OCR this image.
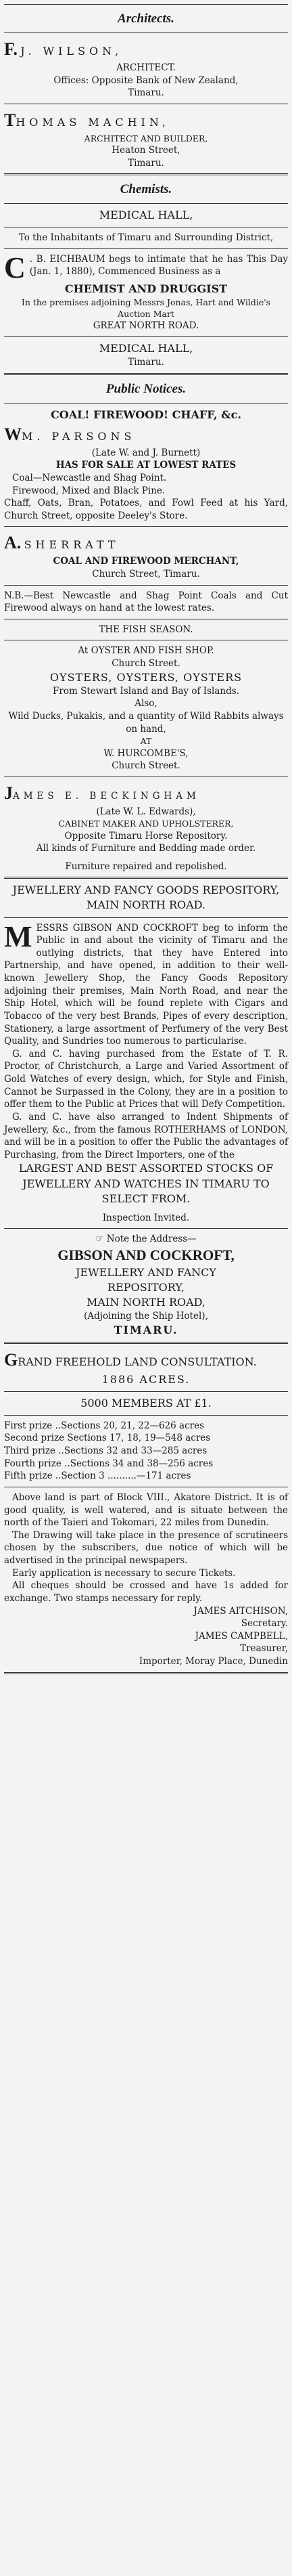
Architects.

F. J. WILSON,

ARCHITECT.

Offices: Opposite Bank of New Zealand,

Timaru.

THOMAS MACHIN,

ARCHITECT AND BUILDER,

Heaton Street,

Timaru.

Chemists.

MEDICAL HALL,

To the Inhabitants of Timaru and Surrounding District,

C . B. EICHBAUM begs to intimate that he has This Day (Jan. 1, 1880), Commenced Business as a

CHEMIST AND DRUGGIST

In the premises adjoining Messrs Jonas, Hart and Wildie's Auction Mart

GREAT NORTH ROAD.

MEDICAL HALL,

Timaru.

Public Notices.

COAL! FIREWOOD! CHAFF, &c.

WM. PARSONS

(Late W. and J. Burnett)

HAS FOR SALE AT LOWEST RATES

Coal—Newcastle and Shag Point.

Firewood, Mixed and Black Pine.

Chaff, Oats, Bran, Potatoes, and Fowl Feed at his Yard, Church Street, opposite Deeley's Store.

A. SHERRATT

COAL AND FIREWOOD MERCHANT,

Church Street, Timaru.

N.B.—Best Newcastle and Shag Point Coals and Cut Firewood always on hand at the lowest rates.

THE FISH SEASON.

At OYSTER AND FISH SHOP.

Church Street.

OYSTERS, OYSTERS, OYSTERS

From Stewart Island and Bay of Islands.

Also,

Wild Ducks, Pukakis, and a quantity of Wild Rabbits always on hand,

AT

W. HURCOMBE'S,

Church Street.

JAMES E. BECKINGHAM

(Late W. L. Edwards),

CABINET MAKER AND UPHOLSTERER,

Opposite Timaru Horse Repository.

All kinds of Furniture and Bedding made order.

Furniture repaired and repolished.

JEWELLERY AND FANCY GOODS REPOSITORY,

MAIN NORTH ROAD.

MESSRS GIBSON AND COCKROFT beg to inform the Public in and about the vicinity of Timaru and the outlying districts, that they have Entered into Partnership, and have opened, in addition to their well-known Jewellery Shop, the Fancy Goods Repository adjoining their premises, Main North Road, and near the Ship Hotel, which will be found replete with Cigars and Tobacco of the very best Brands, Pipes of every description, Stationery, a large assortment of Perfumery of the very Best Quality, and Sundries too numerous to particularise.

G. and C. having purchased from the Estate of T. R. Proctor, of Christchurch, a Large and Varied Assortment of Gold Watches of every design, which, for Style and Finish, Cannot be Surpassed in the Colony, they are in a position to offer them to the Public at Prices that will Defy Competition.

G. and C. have also arranged to Indent Shipments of Jewellery, &c., from the famous ROTHERHAMS of LONDON, and will be in a position to offer the Public the advantages of Purchasing, from the Direct Importers, one of the

LARGEST AND BEST ASSORTED STOCKS OF JEWELLERY AND WATCHES IN TIMARU TO SELECT FROM.

Inspection Invited.

☞ Note the Address—

GIBSON AND COCKROFT,

JEWELLERY AND FANCY

REPOSITORY,

MAIN NORTH ROAD,

(Adjoining the Ship Hotel),

TIMARU.

GRAND FREEHOLD LAND CONSULTATION.

1886 ACRES.

5000 MEMBERS AT £1.

First prize ..Sections 20, 21, 22—626 acres

Second prize Sections 17, 18, 19—548 acres

Third prize ..Sections 32 and 33—285 acres

Fourth prize ..Sections 34 and 38—256 acres

Fifth prize ..Section 3 ..........—171 acres

Above land is part of Block VIII., Akatore District. It is of good quality, is well watered, and is situate between the north of the Taieri and Tokomari, 22 miles from Dunedin.

The Drawing will take place in the presence of scrutineers chosen by the subscribers, due notice of which will be advertised in the principal newspapers.

Early application is necessary to secure Tickets.

All cheques should be crossed and have 1s added for exchange. Two stamps necessary for reply.

JAMES AITCHISON,

Secretary.

JAMES CAMPBELL,

Treasurer,

Importer, Moray Place, Dunedin
